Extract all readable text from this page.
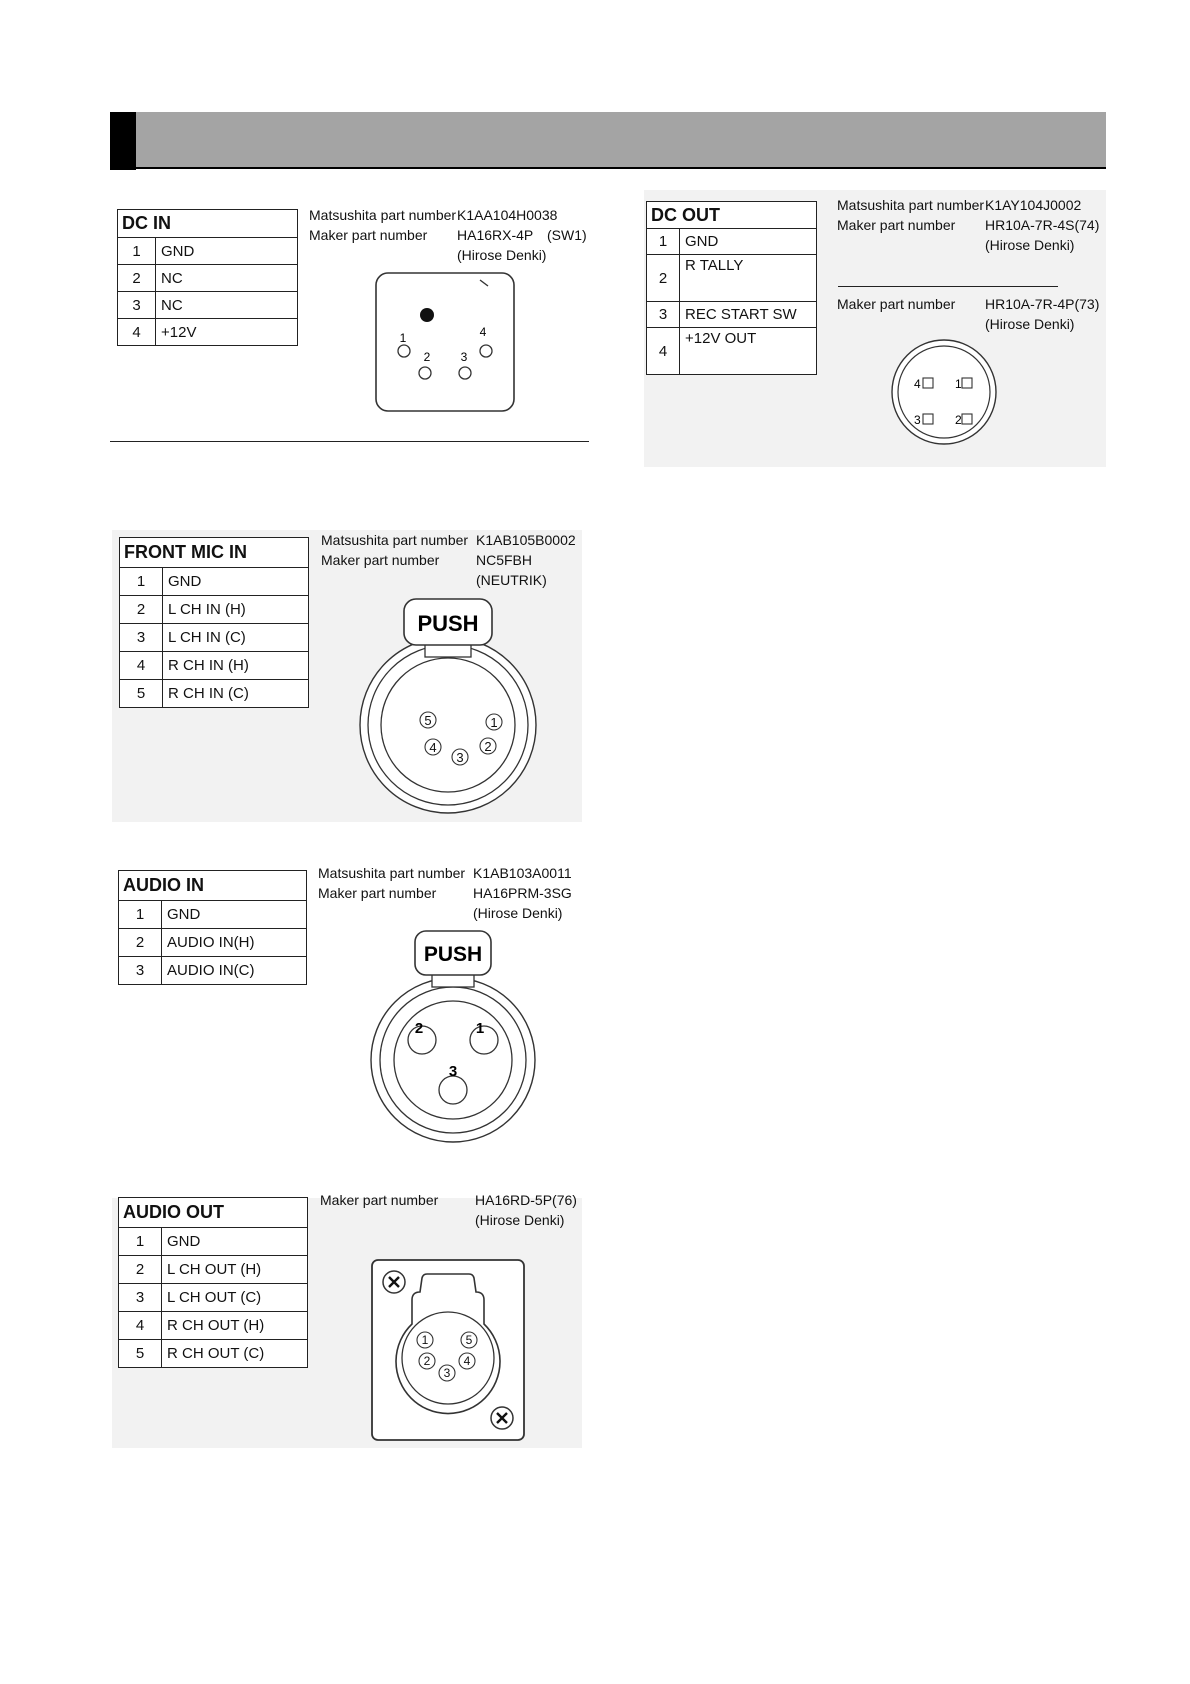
DC IN	
1	GND
2	NC
3	NC
4	+12V
Matsushita part number K1AA104H0038
Maker part number	HA16RX-4P　(SW1)
(Hirose Denki)
1
2	3
4
DC OUT	
1	GND
2	R TALLY
3	REC START SW
4	+12V OUT
Matsushita part number K1AY104J0002
Maker part number	HR10A-7R-4S(74)
(Hirose Denki)
Maker part number	HR10A-7R-4P(73)
(Hirose Denki)
1
2
3
4
FRONT MIC IN	
1	GND
2	L CH IN (H)
3	L CH IN (C)
4	R CH IN (H)
5	R CH IN (C)
Matsushita part number K1AB105B0002
Maker part number	NC5FBH
(NEUTRIK)
PUSH
1
2
3
4
5
AUDIO IN	
1	GND
2	AUDIO IN(H)
3	AUDIO IN(C)
Matsushita part number K1AB103A0011
Maker part number	HA16PRM-3SG
(Hirose Denki)
PUSH
1
2
3
AUDIO OUT	
1	GND
2	L CH OUT (H)
3	L CH OUT (C)
4	R CH OUT (H)
5	R CH OUT (C)
Maker part number	HA16RD-5P(76)
(Hirose Denki)
1
2
3
4
5
